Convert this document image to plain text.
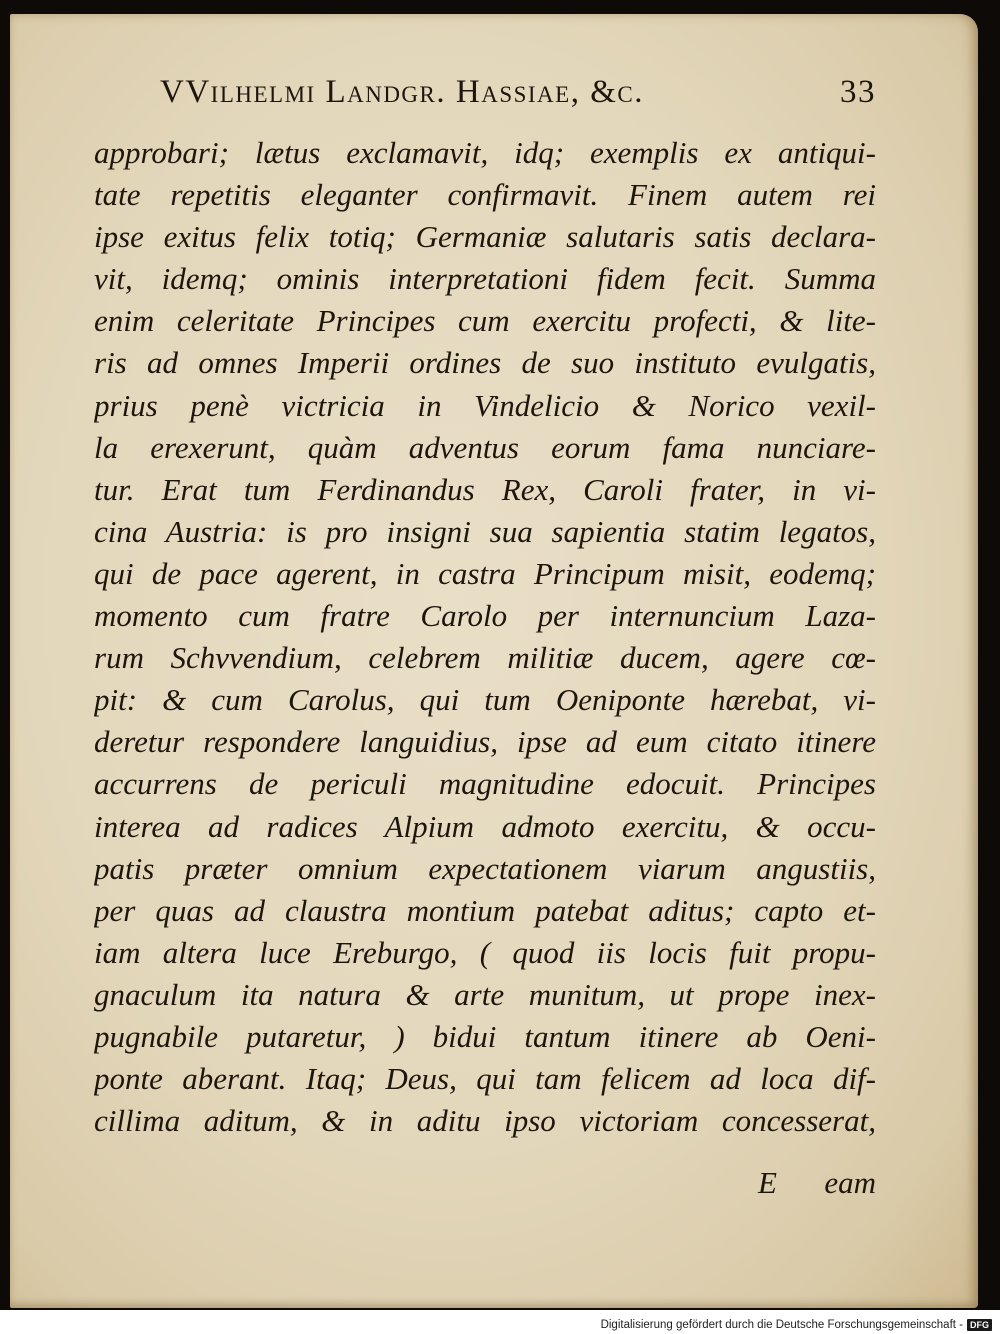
VVilhelmi Landgr. Hassiae, &c.	33
approbari; lætus exclamavit, idq; exemplis ex antiqui-
tate repetitis eleganter confirmavit. Finem autem rei
ipse exitus felix totiq; Germaniæ salutaris satis declara-
vit, idemq; ominis interpretationi fidem fecit. Summa
enim celeritate Principes cum exercitu profecti, & lite-
ris ad omnes Imperii ordines de suo instituto evulgatis,
prius penè victricia in Vindelicio & Norico vexil-
la erexerunt, quàm adventus eorum fama nunciare-
tur. Erat tum Ferdinandus Rex, Caroli frater, in vi-
cina Austria: is pro insigni sua sapientia statim legatos,
qui de pace agerent, in castra Principum misit, eodemq;
momento cum fratre Carolo per internuncium Laza-
rum Schvvendium, celebrem militiæ ducem, agere cœ-
pit: & cum Carolus, qui tum Oeniponte hærebat, vi-
deretur respondere languidius, ipse ad eum citato itinere
accurrens de periculi magnitudine edocuit. Principes
interea ad radices Alpium admoto exercitu, & occu-
patis præter omnium expectationem viarum angustiis,
per quas ad claustra montium patebat aditus; capto et-
iam altera luce Ereburgo, ( quod iis locis fuit propu-
gnaculum ita natura & arte munitum, ut prope inex-
pugnabile putaretur, ) bidui tantum itinere ab Oeni-
ponte aberant. Itaq; Deus, qui tam felicem ad loca dif-
cillima aditum, & in aditu ipso victoriam concesserat,
E eam
Digitalisierung gefördert durch die Deutsche Forschungsgemeinschaft - DFG
